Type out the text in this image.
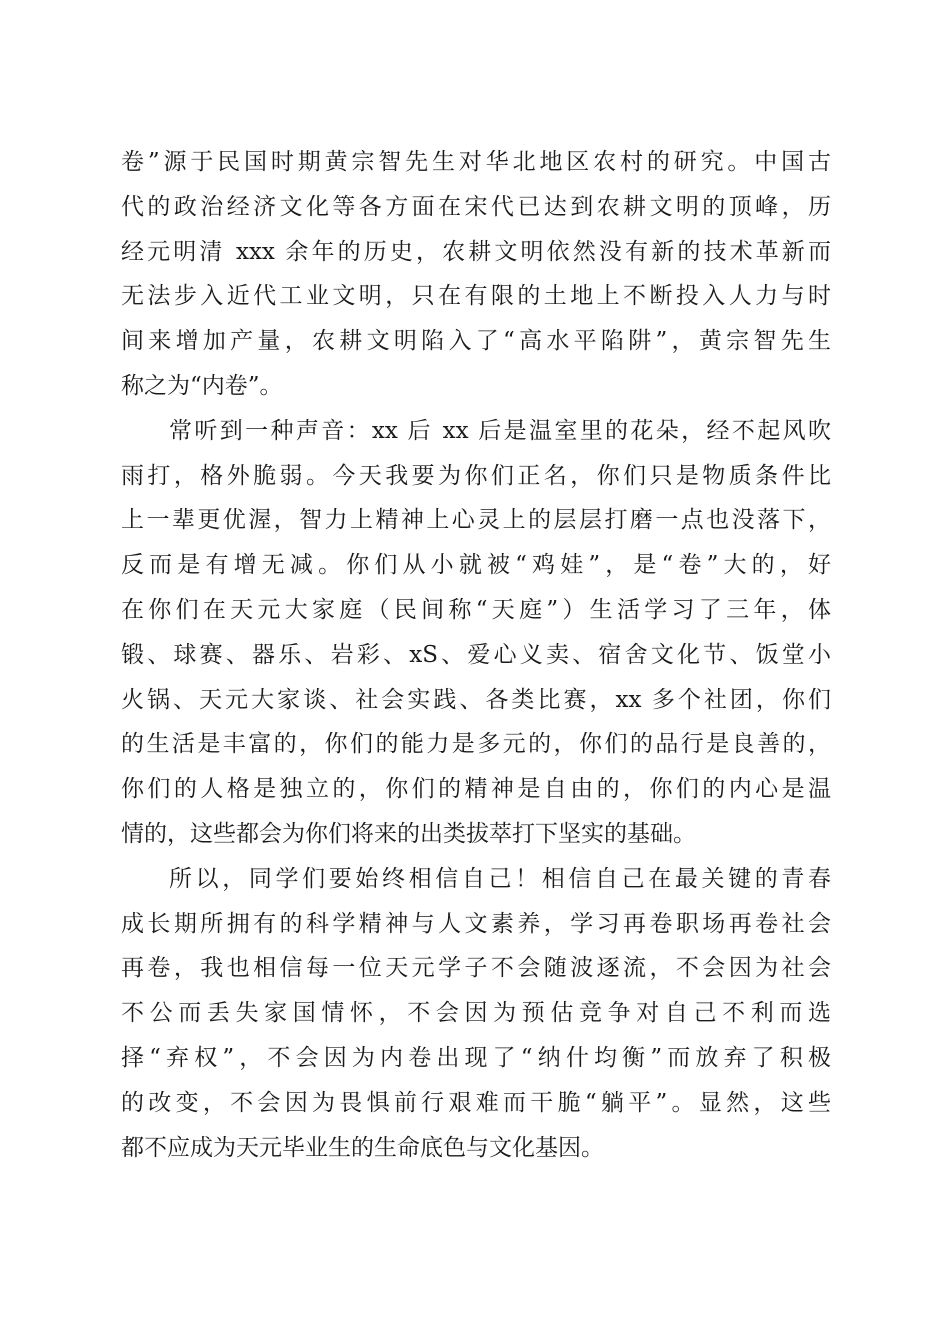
卷”源于民国时期黄宗智先生对华北地区农村的研究。中国古
代的政治经济文化等各方面在宋代已达到农耕文明的顶峰，历
经元明清 xxx 余年的历史，农耕文明依然没有新的技术革新而
无法步入近代工业文明，只在有限的土地上不断投入人力与时
间来增加产量，农耕文明陷入了“高水平陷阱”，黄宗智先生
称之为“内卷”。
常听到一种声音：xx 后 xx 后是温室里的花朵，经不起风吹
雨打，格外脆弱。今天我要为你们正名，你们只是物质条件比
上一辈更优渥，智力上精神上心灵上的层层打磨一点也没落下，
反而是有增无减。你们从小就被“鸡娃”，是“卷”大的，好
在你们在天元大家庭（民间称“天庭”）生活学习了三年，体
锻、球赛、器乐、岩彩、xS、爱心义卖、宿舍文化节、饭堂小
火锅、天元大家谈、社会实践、各类比赛，xx 多个社团，你们
的生活是丰富的，你们的能力是多元的，你们的品行是良善的，
你们的人格是独立的，你们的精神是自由的，你们的内心是温
情的，这些都会为你们将来的出类拔萃打下坚实的基础。
所以，同学们要始终相信自己！相信自己在最关键的青春
成长期所拥有的科学精神与人文素养，学习再卷职场再卷社会
再卷，我也相信每一位天元学子不会随波逐流，不会因为社会
不公而丢失家国情怀，不会因为预估竞争对自己不利而选
择“弃权”，不会因为内卷出现了“纳什均衡”而放弃了积极
的改变，不会因为畏惧前行艰难而干脆“躺平”。显然，这些
都不应成为天元毕业生的生命底色与文化基因。
